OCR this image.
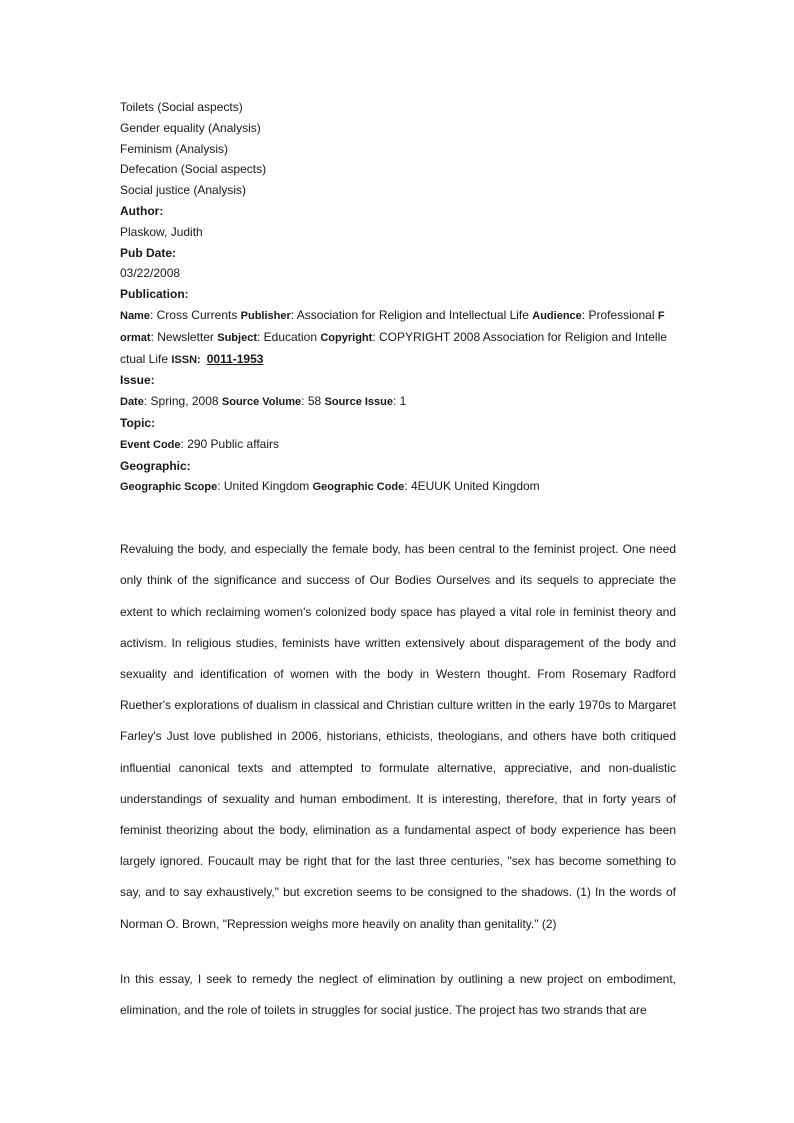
Toilets (Social aspects)
Gender equality (Analysis)
Feminism (Analysis)
Defecation (Social aspects)
Social justice (Analysis)
Author:
Plaskow, Judith
Pub Date:
03/22/2008
Publication:
Name: Cross Currents Publisher: Association for Religion and Intellectual Life Audience: Professional F
ormat: Newsletter Subject: Education Copyright: COPYRIGHT 2008 Association for Religion and Intelle
ctual Life ISSN: 0011-1953
Issue:
Date: Spring, 2008 Source Volume: 58 Source Issue: 1
Topic:
Event Code: 290 Public affairs
Geographic:
Geographic Scope: United Kingdom Geographic Code: 4EUUK United Kingdom

Revaluing the body, and especially the female body, has been central to the feminist project. One need only think of the significance and success of Our Bodies Ourselves and its sequels to appreciate the extent to which reclaiming women's colonized body space has played a vital role in feminist theory and activism. In religious studies, feminists have written extensively about disparagement of the body and sexuality and identification of women with the body in Western thought. From Rosemary Radford Ruether's explorations of dualism in classical and Christian culture written in the early 1970s to Margaret Farley's Just love published in 2006, historians, ethicists, theologians, and others have both critiqued influential canonical texts and attempted to formulate alternative, appreciative, and non-dualistic understandings of sexuality and human embodiment. It is interesting, therefore, that in forty years of feminist theorizing about the body, elimination as a fundamental aspect of body experience has been largely ignored. Foucault may be right that for the last three centuries, "sex has become something to say, and to say exhaustively," but excretion seems to be consigned to the shadows. (1) In the words of Norman O. Brown, "Repression weighs more heavily on anality than genitality." (2)

In this essay, I seek to remedy the neglect of elimination by outlining a new project on embodiment, elimination, and the role of toilets in struggles for social justice. The project has two strands that are
